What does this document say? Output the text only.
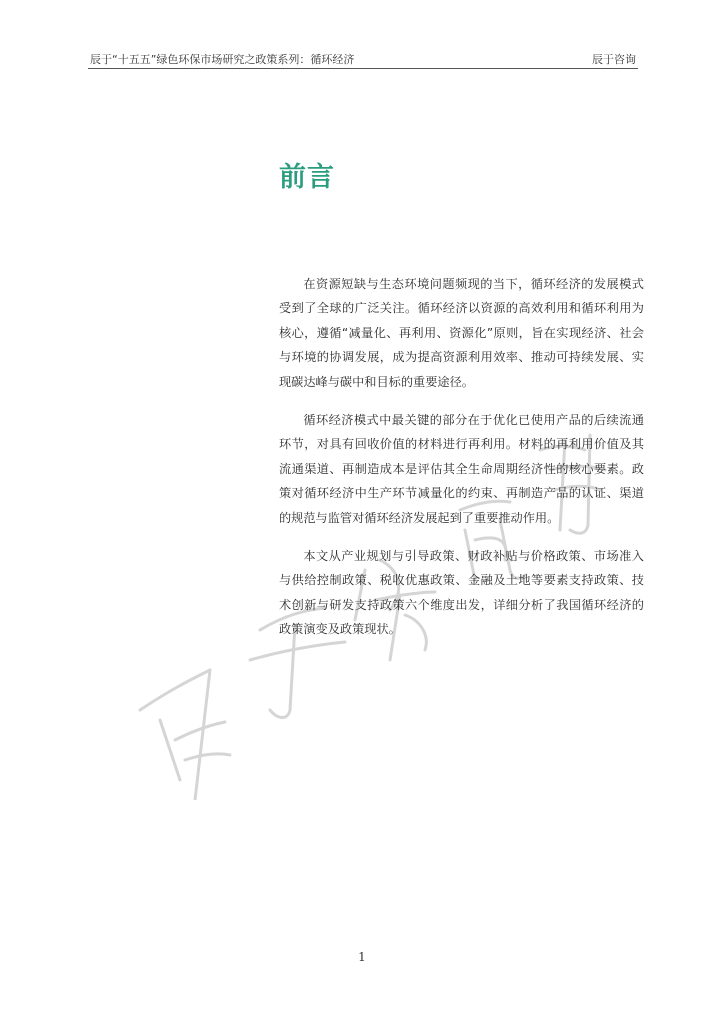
辰于“十五五”绿色环保市场研究之政策系列：循环经济	辰于咨询
前言

在资源短缺与生态环境问题频现的当下，循环经济的发展模式受到了全球的广泛关注。循环经济以资源的高效利用和循环利用为核心，遵循“减量化、再利用、资源化”原则，旨在实现经济、社会与环境的协调发展，成为提高资源利用效率、推动可持续发展、实现碳达峰与碳中和目标的重要途径。

循环经济模式中最关键的部分在于优化已使用产品的后续流通环节，对具有回收价值的材料进行再利用。材料的再利用价值及其流通渠道、再制造成本是评估其全生命周期经济性的核心要素。政策对循环经济中生产环节减量化的约束、再制造产品的认证、渠道的规范与监管对循环经济发展起到了重要推动作用。

本文从产业规划与引导政策、财政补贴与价格政策、市场准入与供给控制政策、税收优惠政策、金融及土地等要素支持政策、技术创新与研发支持政策六个维度出发，详细分析了我国循环经济的政策演变及政策现状。

1
